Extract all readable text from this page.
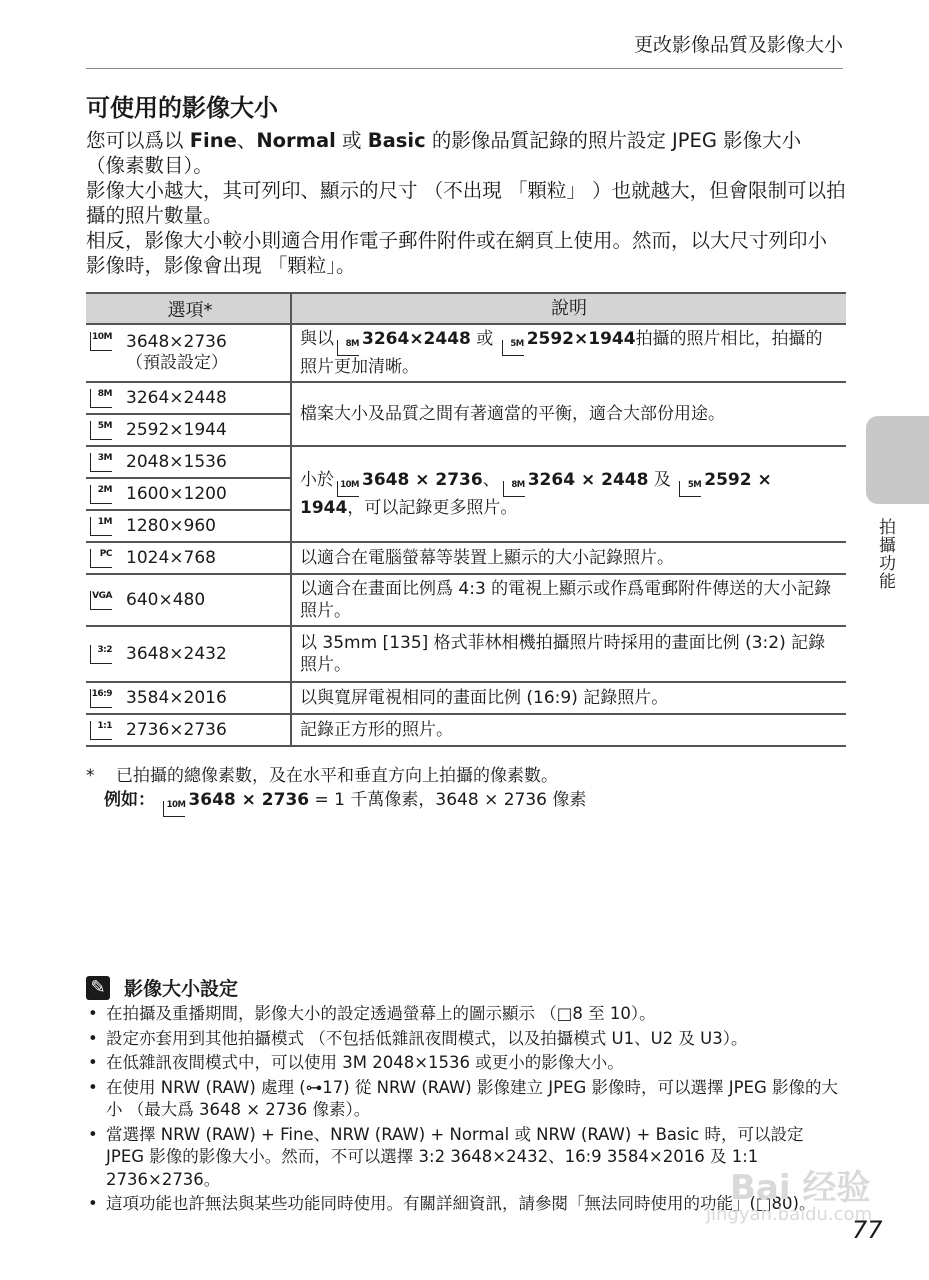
更改影像品質及影像大小
可使用的影像大小

您可以爲以 Fine、Normal 或 Basic 的影像品質記錄的照片設定 JPEG 影像大小 （像素數目）。

影像大小越大，其可列印、顯示的尺寸 （不出現 「顆粒」 ）也就越大，但會限制可以拍攝的照片數量。

相反，影像大小較小則適合用作電子郵件附件或在網頁上使用。然而，以大尺寸列印小影像時，影像會出現 「顆粒」。

選項*	說明

10M 3648×2736
（預設設定）	與以 8M 3264×2448 或 5M 2592×1944拍攝的照片相比，拍攝的照片更加清晰。
8M 3264×2448	檔案大小及品質之間有著適當的平衡，適合大部份用途。
5M 2592×1944	
3M 2048×1536	小於 10M 3648 × 2736、 8M 3264 × 2448 及 5M 2592 × 1944，可以記錄更多照片。
2M 1600×1200	
1M 1280×960	
PC 1024×768	以適合在電腦螢幕等裝置上顯示的大小記錄照片。
VGA 640×480	以適合在畫面比例爲 4:3 的電視上顯示或作爲電郵附件傳送的大小記錄照片。
3:2 3648×2432	以 35mm [135] 格式菲林相機拍攝照片時採用的畫面比例 (3:2) 記錄照片。
16:9 3584×2016	以與寬屏電視相同的畫面比例 (16:9) 記錄照片。
1:1 2736×2736	記錄正方形的照片。
* 已拍攝的總像素數，及在水平和垂直方向上拍攝的像素數。
例如： 10M 3648 × 2736 = 1 千萬像素，3648 × 2736 像素
拍攝功能
✎ 影像大小設定
• 在拍攝及重播期間，影像大小的設定透過螢幕上的圖示顯示 （□8 至 10）。
• 設定亦套用到其他拍攝模式 （不包括低雜訊夜間模式，以及拍攝模式 U1、U2 及 U3）。
• 在低雜訊夜間模式中，可以使用 3M 2048×1536 或更小的影像大小。
• 在使用 NRW (RAW) 處理 (⊶17) 從 NRW (RAW) 影像建立 JPEG 影像時，可以選擇 JPEG 影像的大小 （最大爲 3648 × 2736 像素）。
• 當選擇 NRW (RAW) + Fine、NRW (RAW) + Normal 或 NRW (RAW) + Basic 時，可以設定 JPEG 影像的影像大小。然而，不可以選擇 3:2 3648×2432、16:9 3584×2016 及 1:1 2736×2736。
• 這項功能也許無法與某些功能同時使用。有關詳細資訊，請參閱「無法同時使用的功能」(□80)。
Bai 经验
jingyan.baidu.com
77
